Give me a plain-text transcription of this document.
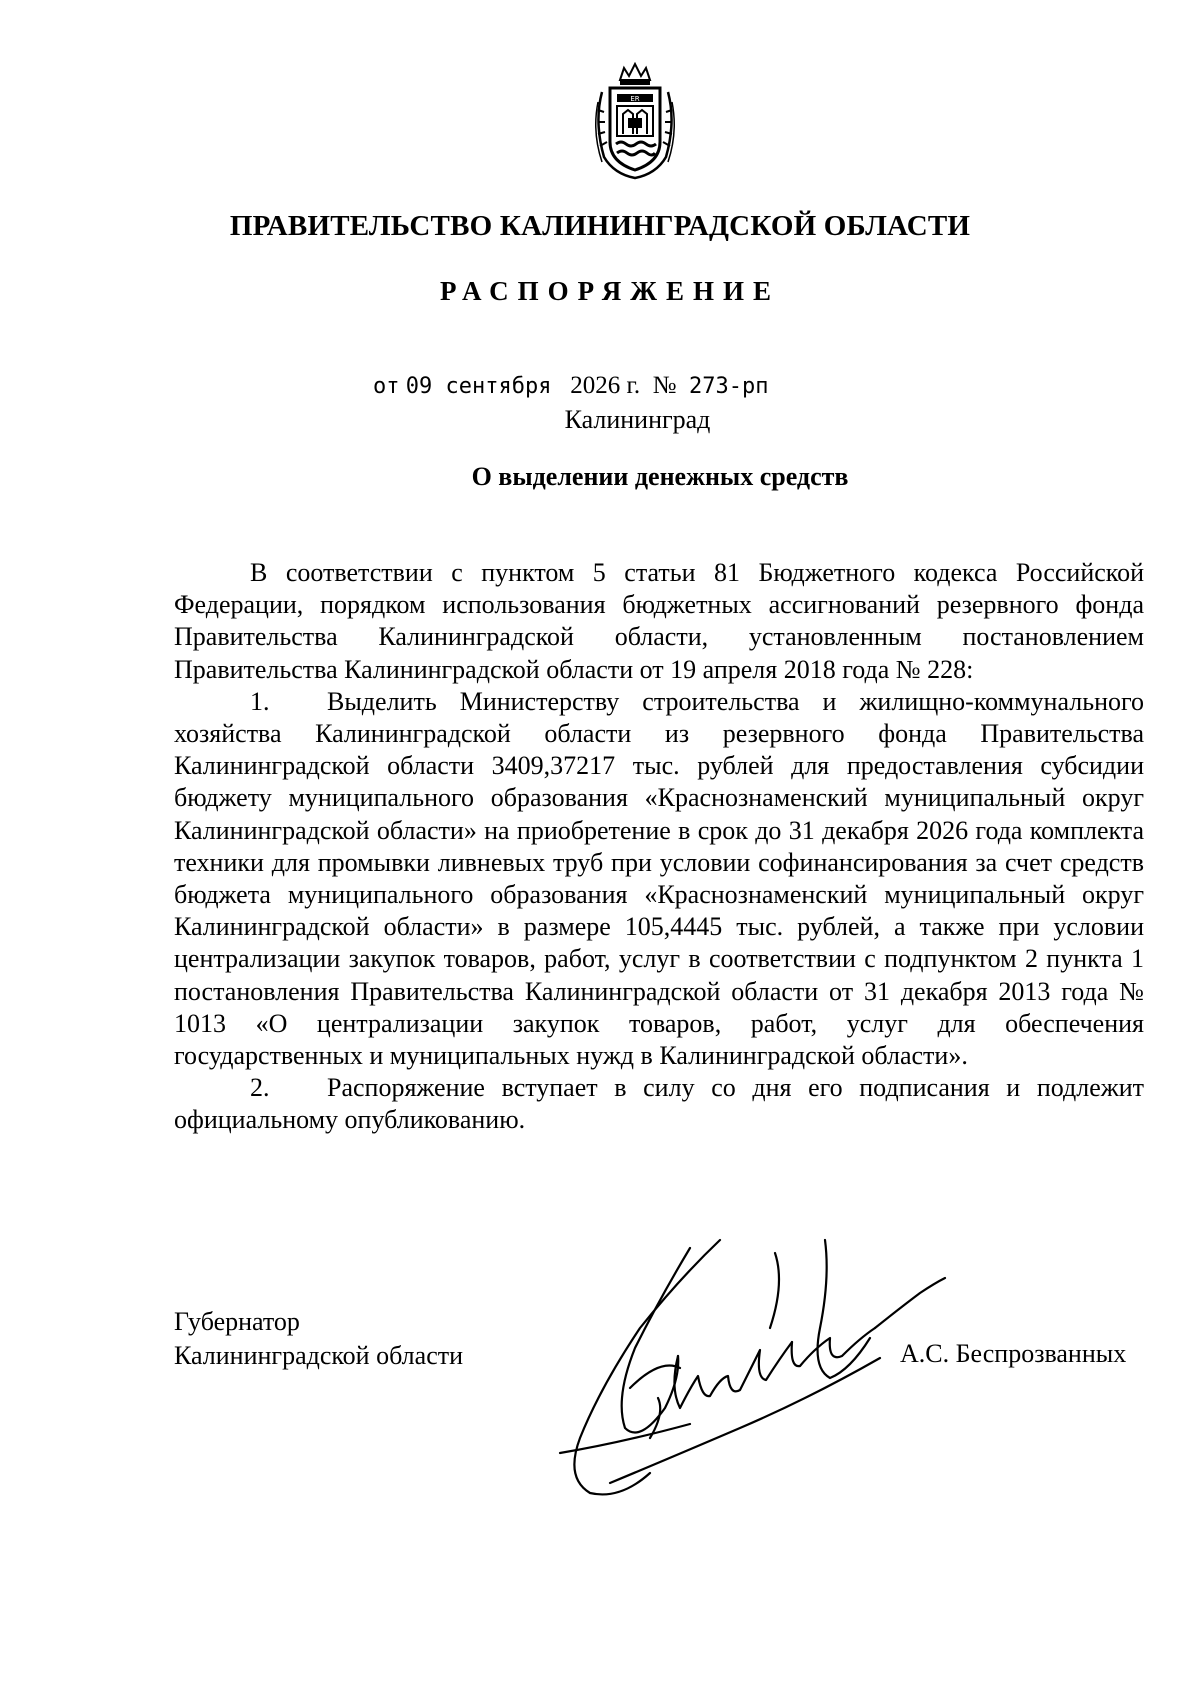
ЕR
ПРАВИТЕЛЬСТВО КАЛИНИНГРАДСКОЙ ОБЛАСТИ
РАСПОРЯЖЕНИЕ
от 09 сентября 2026 г. № 273-рп
Калининград
О выделении денежных средств

В соответствии с пунктом 5 статьи 81 Бюджетного кодекса Российской Федерации, порядком использования бюджетных ассигнований резервного фонда Правительства Калининградской области, установленным постановлением Правительства Калининградской области от 19 апреля 2018 года № 228:

1. Выделить Министерству строительства и жилищно-коммунального хозяйства Калининградской области из резервного фонда Правительства Калининградской области 3409,37217 тыс. рублей для предоставления субсидии бюджету муниципального образования «Краснознаменский муниципальный округ Калининградской области» на приобретение в срок до 31 декабря 2026 года комплекта техники для промывки ливневых труб при условии софинансирования за счет средств бюджета муниципального образования «Краснознаменский муниципальный округ Калининградской области» в размере 105,4445 тыс. рублей, а также при условии централизации закупок товаров, работ, услуг в соответствии с подпунктом 2 пункта 1 постановления Правительства Калининградской области от 31 декабря 2013 года № 1013 «О централизации закупок товаров, работ, услуг для обеспечения государственных и муниципальных нужд в Калининградской области».

2. Распоряжение вступает в силу со дня его подписания и подлежит официальному опубликованию.

Губернатор
Калининградской области	А.С. Беспрозванных
